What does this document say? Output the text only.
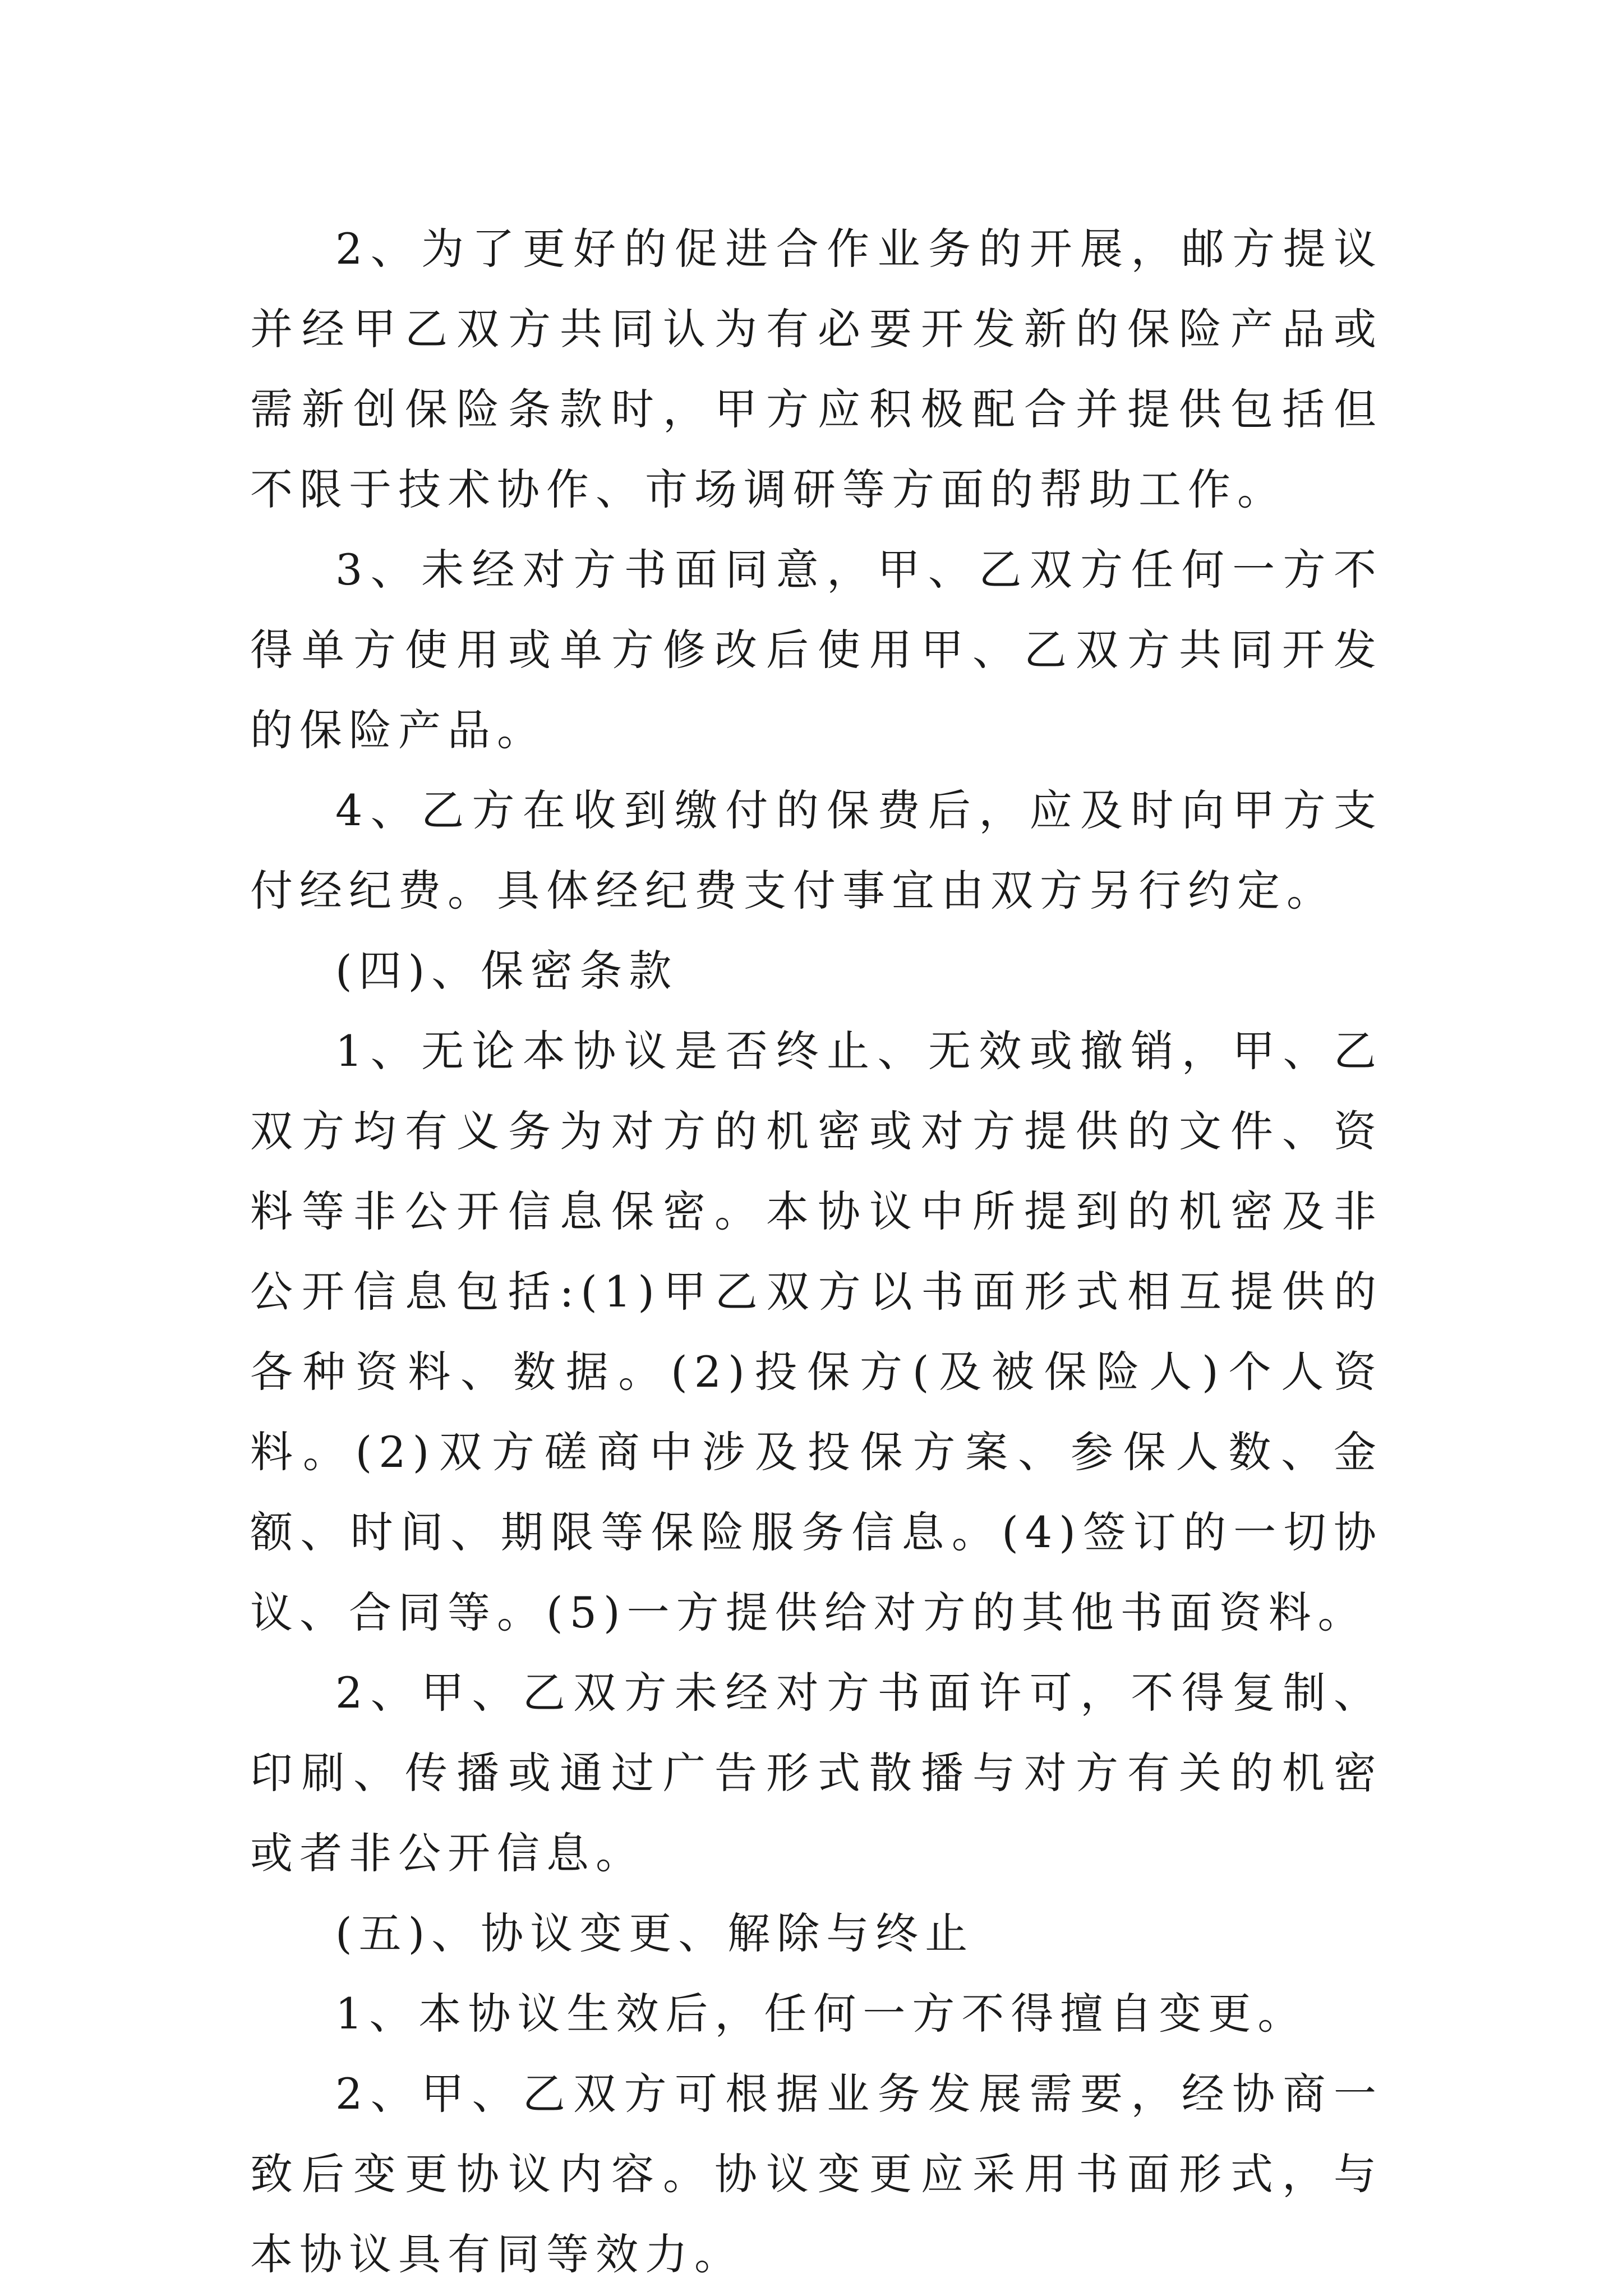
2、为了更好的促进合作业务的开展，邮方提议并经甲乙双方共同认为有必要开发新的保险产品或需新创保险条款时，甲方应积极配合并提供包括但不限于技术协作、市场调研等方面的帮助工作。

3、未经对方书面同意，甲、乙双方任何一方不得单方使用或单方修改后使用甲、乙双方共同开发的保险产品。

4、乙方在收到缴付的保费后，应及时向甲方支付经纪费。具体经纪费支付事宜由双方另行约定。

(四)、保密条款

1、无论本协议是否终止、无效或撤销，甲、乙双方均有义务为对方的机密或对方提供的文件、资料等非公开信息保密。本协议中所提到的机密及非公开信息包括:(1)甲乙双方以书面形式相互提供的各种资料、数据。(2)投保方(及被保险人)个人资料。(2)双方磋商中涉及投保方案、参保人数、金额、时间、期限等保险服务信息。(4)签订的一切协议、合同等。(5)一方提供给对方的其他书面资料。

2、甲、乙双方未经对方书面许可，不得复制、印刷、传播或通过广告形式散播与对方有关的机密或者非公开信息。

(五)、协议变更、解除与终止

1、本协议生效后，任何一方不得擅自变更。

2、甲、乙双方可根据业务发展需要，经协商一致后变更协议内容。协议变更应采用书面形式，与本协议具有同等效力。
